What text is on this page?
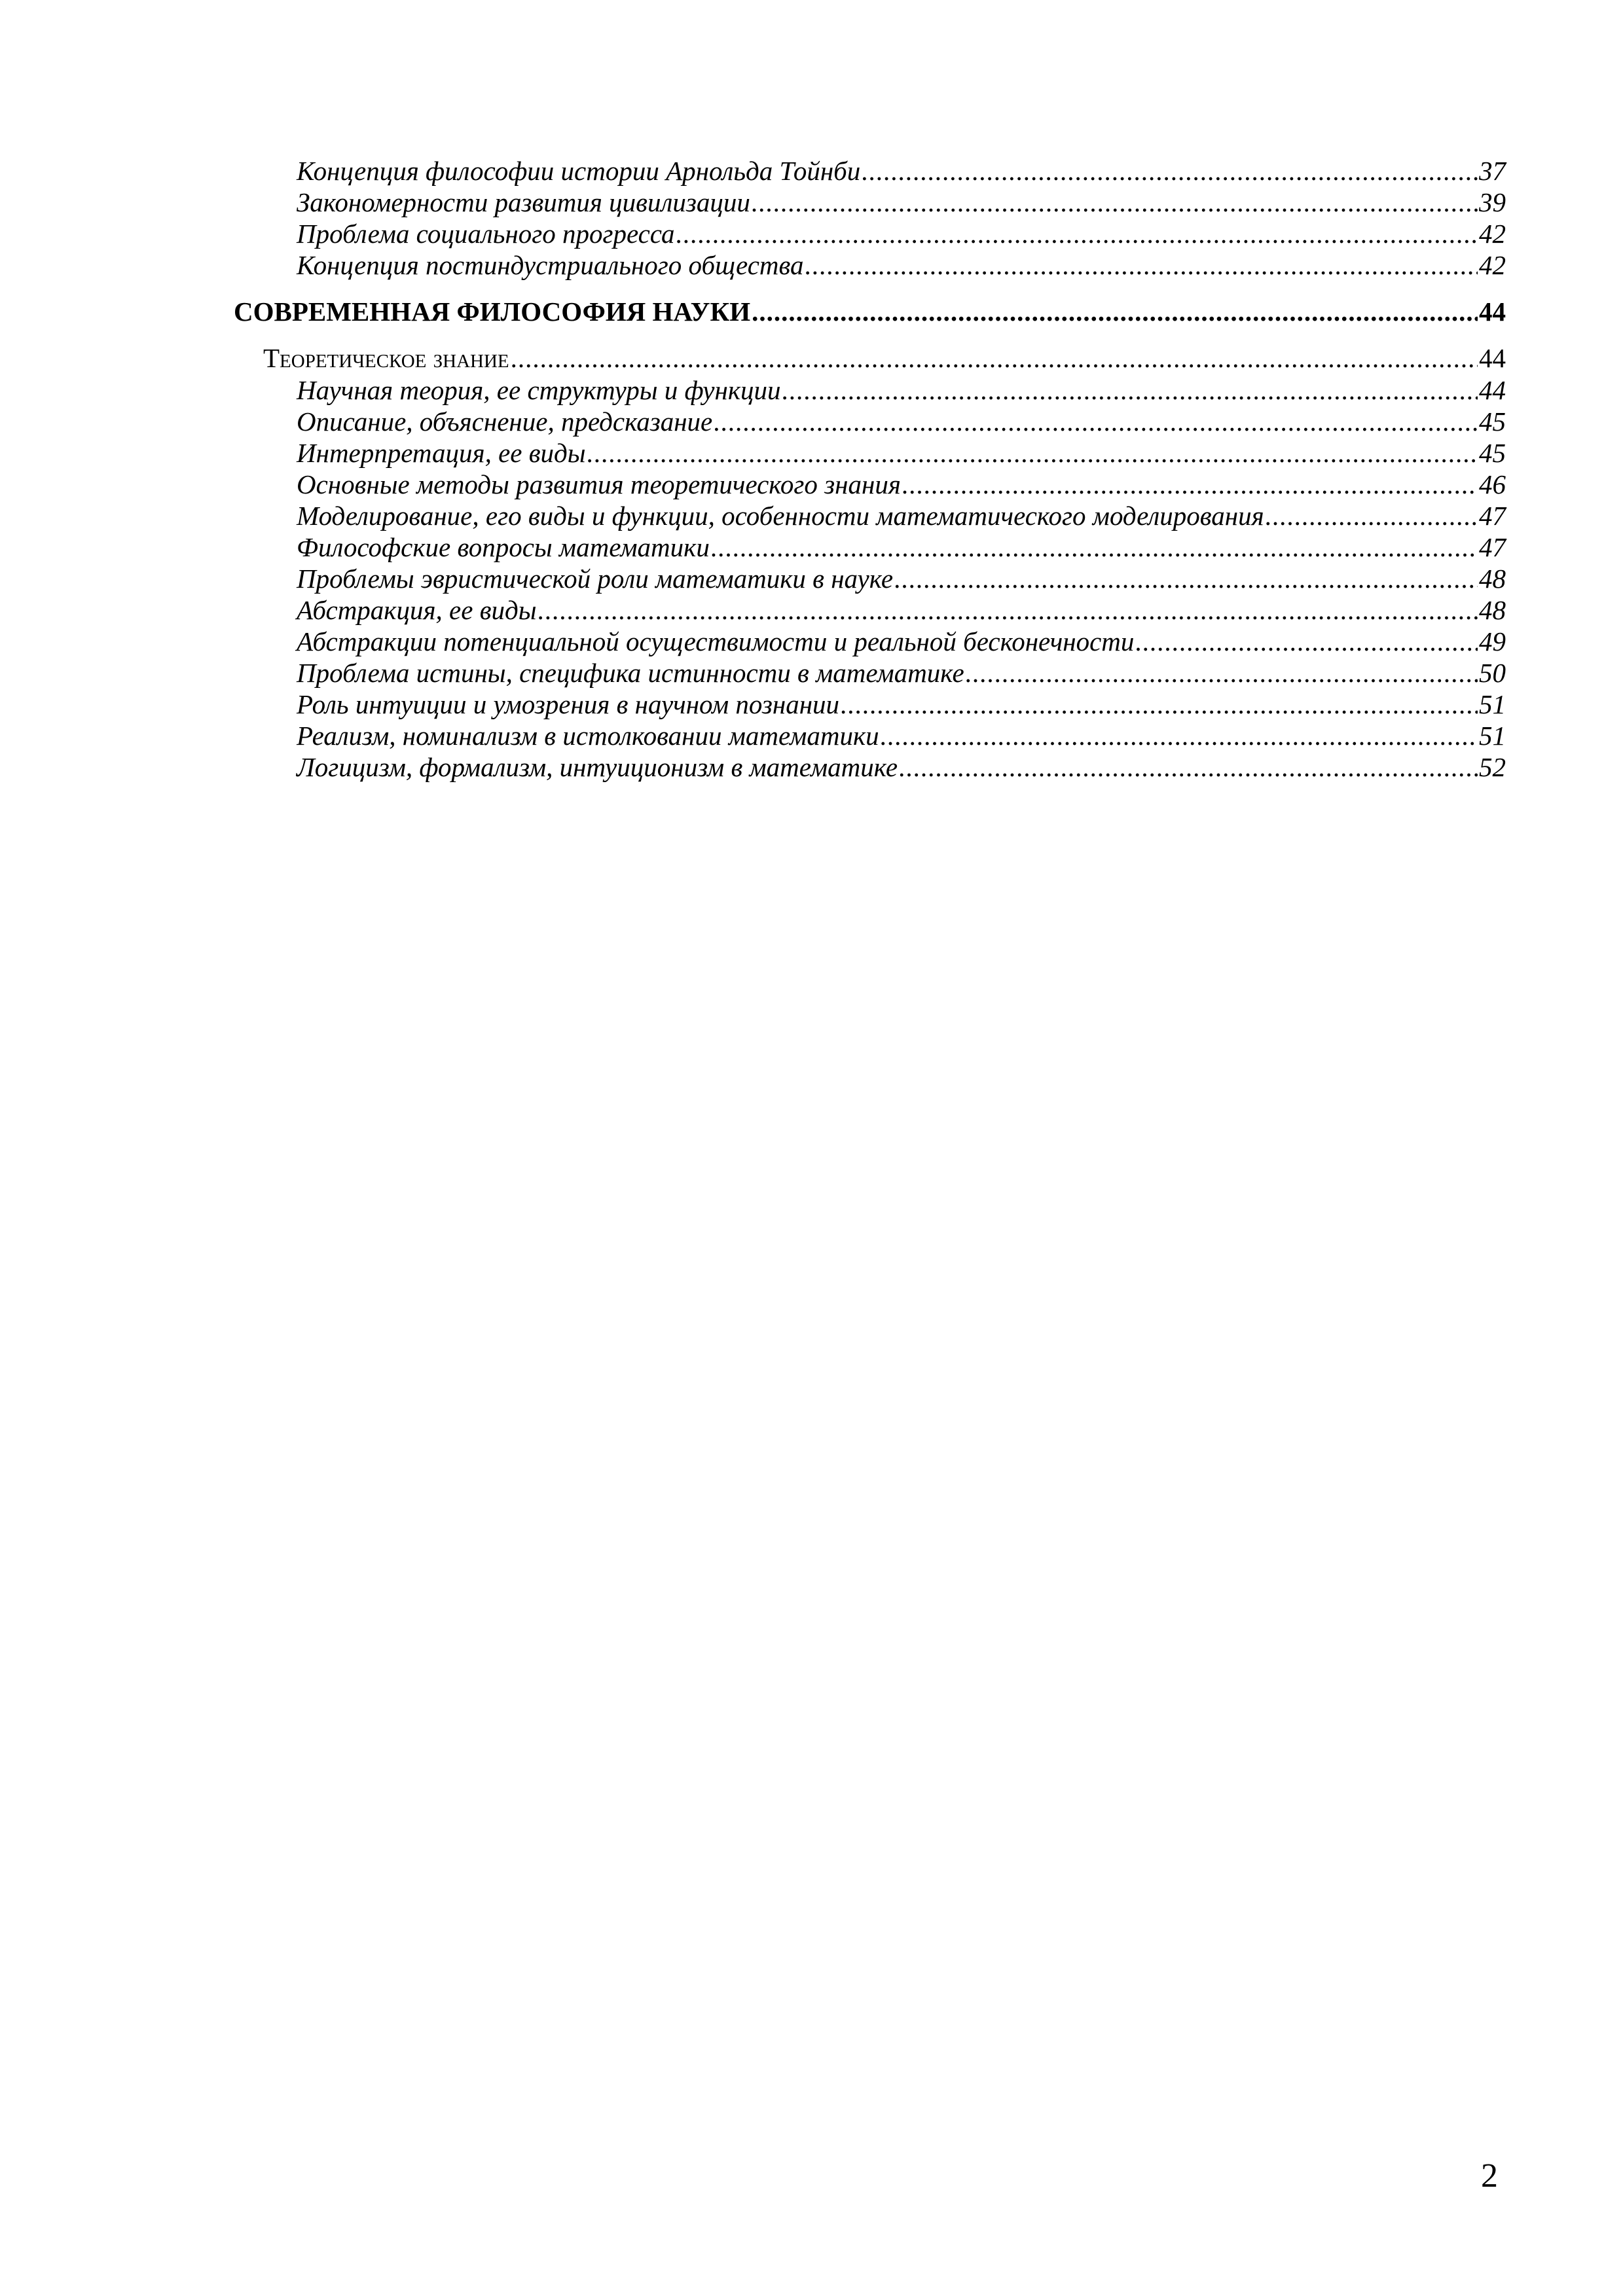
Концепция философии истории Арнольда Тойнби .....	37
Закономерности развития цивилизации .....	39
Проблема социального прогресса .....	42
Концепция постиндустриального общества .....	42
СОВРЕМЕННАЯ ФИЛОСОФИЯ НАУКИ .....	44
Теоретическое знание .....	44
Научная теория, ее структуры и функции .....	44
Описание, объяснение, предсказание .....	45
Интерпретация, ее виды .....	45
Основные методы развития теоретического знания .....	46
Моделирование, его виды и функции, особенности математического моделирования .....	47
Философские вопросы математики .....	47
Проблемы эвристической роли математики в науке .....	48
Абстракция, ее виды .....	48
Абстракции потенциальной осуществимости и реальной бесконечности .....	49
Проблема истины, специфика истинности в математике .....	50
Роль интуиции и умозрения в научном познании .....	51
Реализм, номинализм в истолковании математики .....	51
Логицизм, формализм, интуиционизм в математике .....	52
2
